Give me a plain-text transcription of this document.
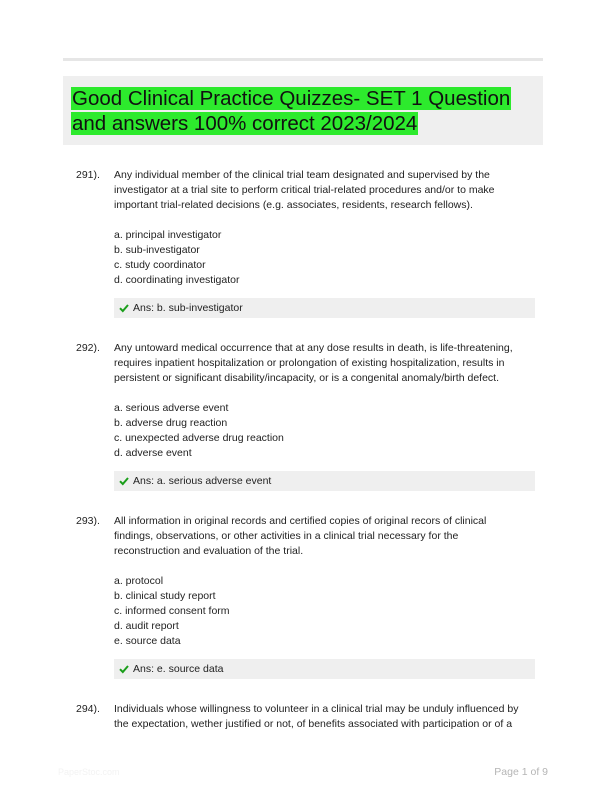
Good Clinical Practice Quizzes- SET 1 Question
and answers 100% correct 2023/2024
291). Any individual member of the clinical trial team designated and supervised by the investigator at a trial site to perform critical trial-related procedures and/or to make important trial-related decisions (e.g. associates, residents, research fellows).
a. principal investigator
b. sub-investigator
c. study coordinator
d. coordinating investigator
Ans: b. sub-investigator
292). Any untoward medical occurrence that at any dose results in death, is life-threatening, requires inpatient hospitalization or prolongation of existing hospitalization, results in persistent or significant disability/incapacity, or is a congenital anomaly/birth defect.
a. serious adverse event
b. adverse drug reaction
c. unexpected adverse drug reaction
d. adverse event
Ans: a. serious adverse event
293). All information in original records and certified copies of original recors of clinical findings, observations, or other activities in a clinical trial necessary for the reconstruction and evaluation of the trial.
a. protocol
b. clinical study report
c. informed consent form
d. audit report
e. source data
Ans: e. source data
294). Individuals whose willingness to volunteer in a clinical trial may be unduly influenced by the expectation, wether justified or not, of benefits associated with participation or of a
PaperStoc.com	Page 1 of 9
